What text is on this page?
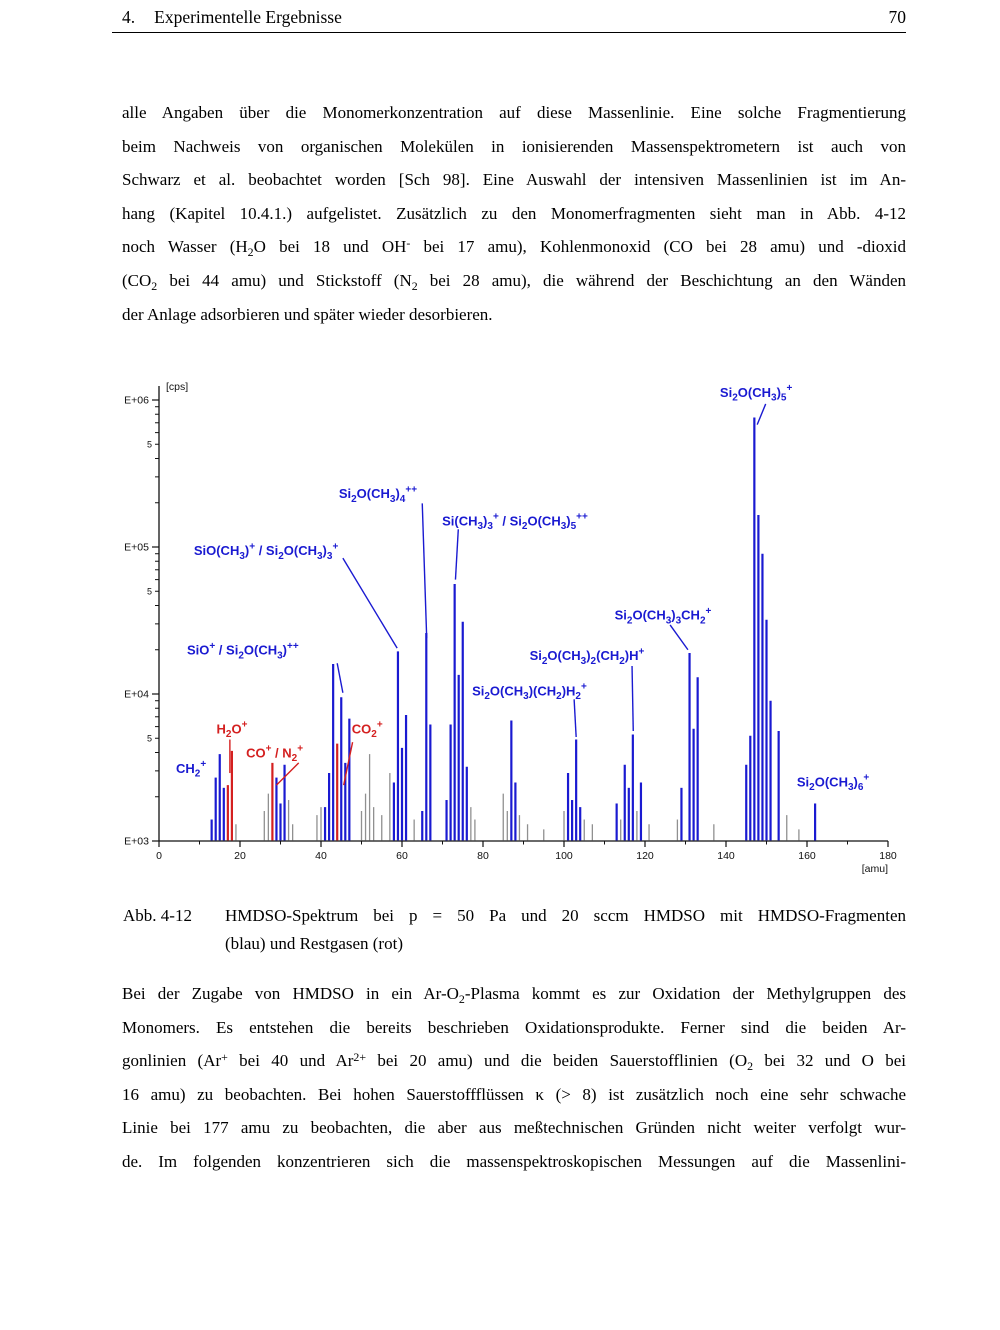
4. Experimentelle Ergebnisse	70
alle Angaben über die Monomerkonzentration auf diese Massenlinie. Eine solche Fragmentierung
beim Nachweis von organischen Molekülen in ionisierenden Massenspektrometern ist auch von
Schwarz et al. beobachtet worden [Sch 98]. Eine Auswahl der intensiven Massenlinien ist im An-
hang (Kapitel 10.4.1.) aufgelistet. Zusätzlich zu den Monomerfragmenten sieht man in Abb. 4-12
noch Wasser ($H_2O$ bei 18 und OH- bei 17 amu), Kohlenmonoxid (CO bei 28 amu) und -dioxid
($CO_2$ bei 44 amu) und Stickstoff ($N_2$ bei 28 amu), die während der Beschichtung an den Wänden
der Anlage adsorbieren und später wieder desorbieren.
E+03
5
E+04
5
E+05
5
E+06
[cps]
0	20	40	60	80	100	120	140	160	180
[amu]
$CH_2^+$
$H_2O^+$
$CO^+ / N_2^+$
$CO_2^+$
$SiO^+ / Si_2O(CH_3)^{++}$
$SiO(CH_3)^+ / Si_2O(CH_3)_3^+$
$Si_2O(CH_3)_4^{++}$
$Si(CH_3)_3^+ / Si_2O(CH_3)_5^{++}$
$Si_2O(CH_3)_3CH_2^+$
$Si_2O(CH_3)_2(CH_2)H^+$
$Si_2O(CH_3)(CH_2)H_2^+$
$Si_2O(CH_3)_5^+$
$Si_2O(CH_3)_6^+$
Abb. 4-12 HMDSO-Spektrum bei p = 50 Pa und 20 sccm HMDSO mit HMDSO-Fragmenten
(blau) und Restgasen (rot)
Bei der Zugabe von HMDSO in ein $Ar-O_2$-Plasma kommt es zur Oxidation der Methylgruppen des
Monomers. Es entstehen die bereits beschrieben Oxidationsprodukte. Ferner sind die beiden Ar-
gonlinien (Ar+ bei 40 und $Ar^{2+}$ bei 20 amu) und die beiden Sauerstofflinien ($O_2$ bei 32 und O bei
16 amu) zu beobachten. Bei hohen Sauerstoffflüssen κ (> 8) ist zusätzlich noch eine sehr schwache
Linie bei 177 amu zu beobachten, die aber aus meßtechnischen Gründen nicht weiter verfolgt wur-
de. Im folgenden konzentrieren sich die massenspektroskopischen Messungen auf die Massenlini-
